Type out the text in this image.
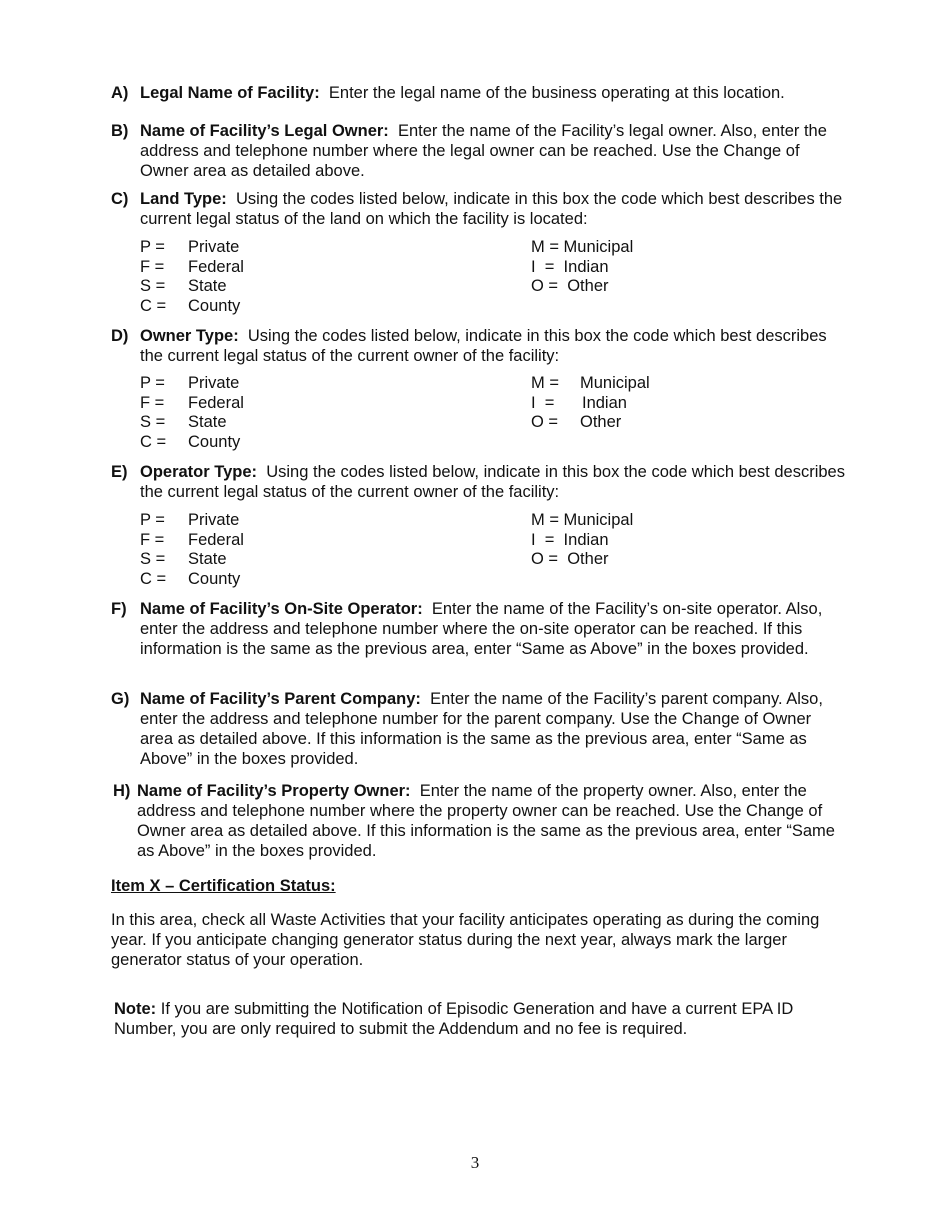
A) Legal Name of Facility: Enter the legal name of the business operating at this location.
B) Name of Facility’s Legal Owner: Enter the name of the Facility’s legal owner. Also, enter the address and telephone number where the legal owner can be reached. Use the Change of Owner area as detailed above.
C) Land Type: Using the codes listed below, indicate in this box the code which best describes the current legal status of the land on which the facility is located:
P = Private	M = Municipal
F = Federal	I  =  Indian
S = State	O =  Other
C = County
D) Owner Type: Using the codes listed below, indicate in this box the code which best describes the current legal status of the current owner of the facility:
P = Private	M = Municipal
F = Federal	I  = Indian
S = State	O = Other
C = County
E) Operator Type: Using the codes listed below, indicate in this box the code which best describes the current legal status of the current owner of the facility:
P = Private	M = Municipal
F = Federal	I  =  Indian
S = State	O =  Other
C = County
F) Name of Facility’s On-Site Operator: Enter the name of the Facility’s on-site operator. Also, enter the address and telephone number where the on-site operator can be reached. If this information is the same as the previous area, enter “Same as Above” in the boxes provided.
G) Name of Facility’s Parent Company: Enter the name of the Facility’s parent company. Also, enter the address and telephone number for the parent company. Use the Change of Owner area as detailed above. If this information is the same as the previous area, enter “Same as Above” in the boxes provided.
H) Name of Facility’s Property Owner: Enter the name of the property owner. Also, enter the address and telephone number where the property owner can be reached. Use the Change of Owner area as detailed above. If this information is the same as the previous area, enter “Same as Above” in the boxes provided.
Item X – Certification Status:
In this area, check all Waste Activities that your facility anticipates operating as during the coming year. If you anticipate changing generator status during the next year, always mark the larger generator status of your operation.
Note: If you are submitting the Notification of Episodic Generation and have a current EPA ID Number, you are only required to submit the Addendum and no fee is required.
3
